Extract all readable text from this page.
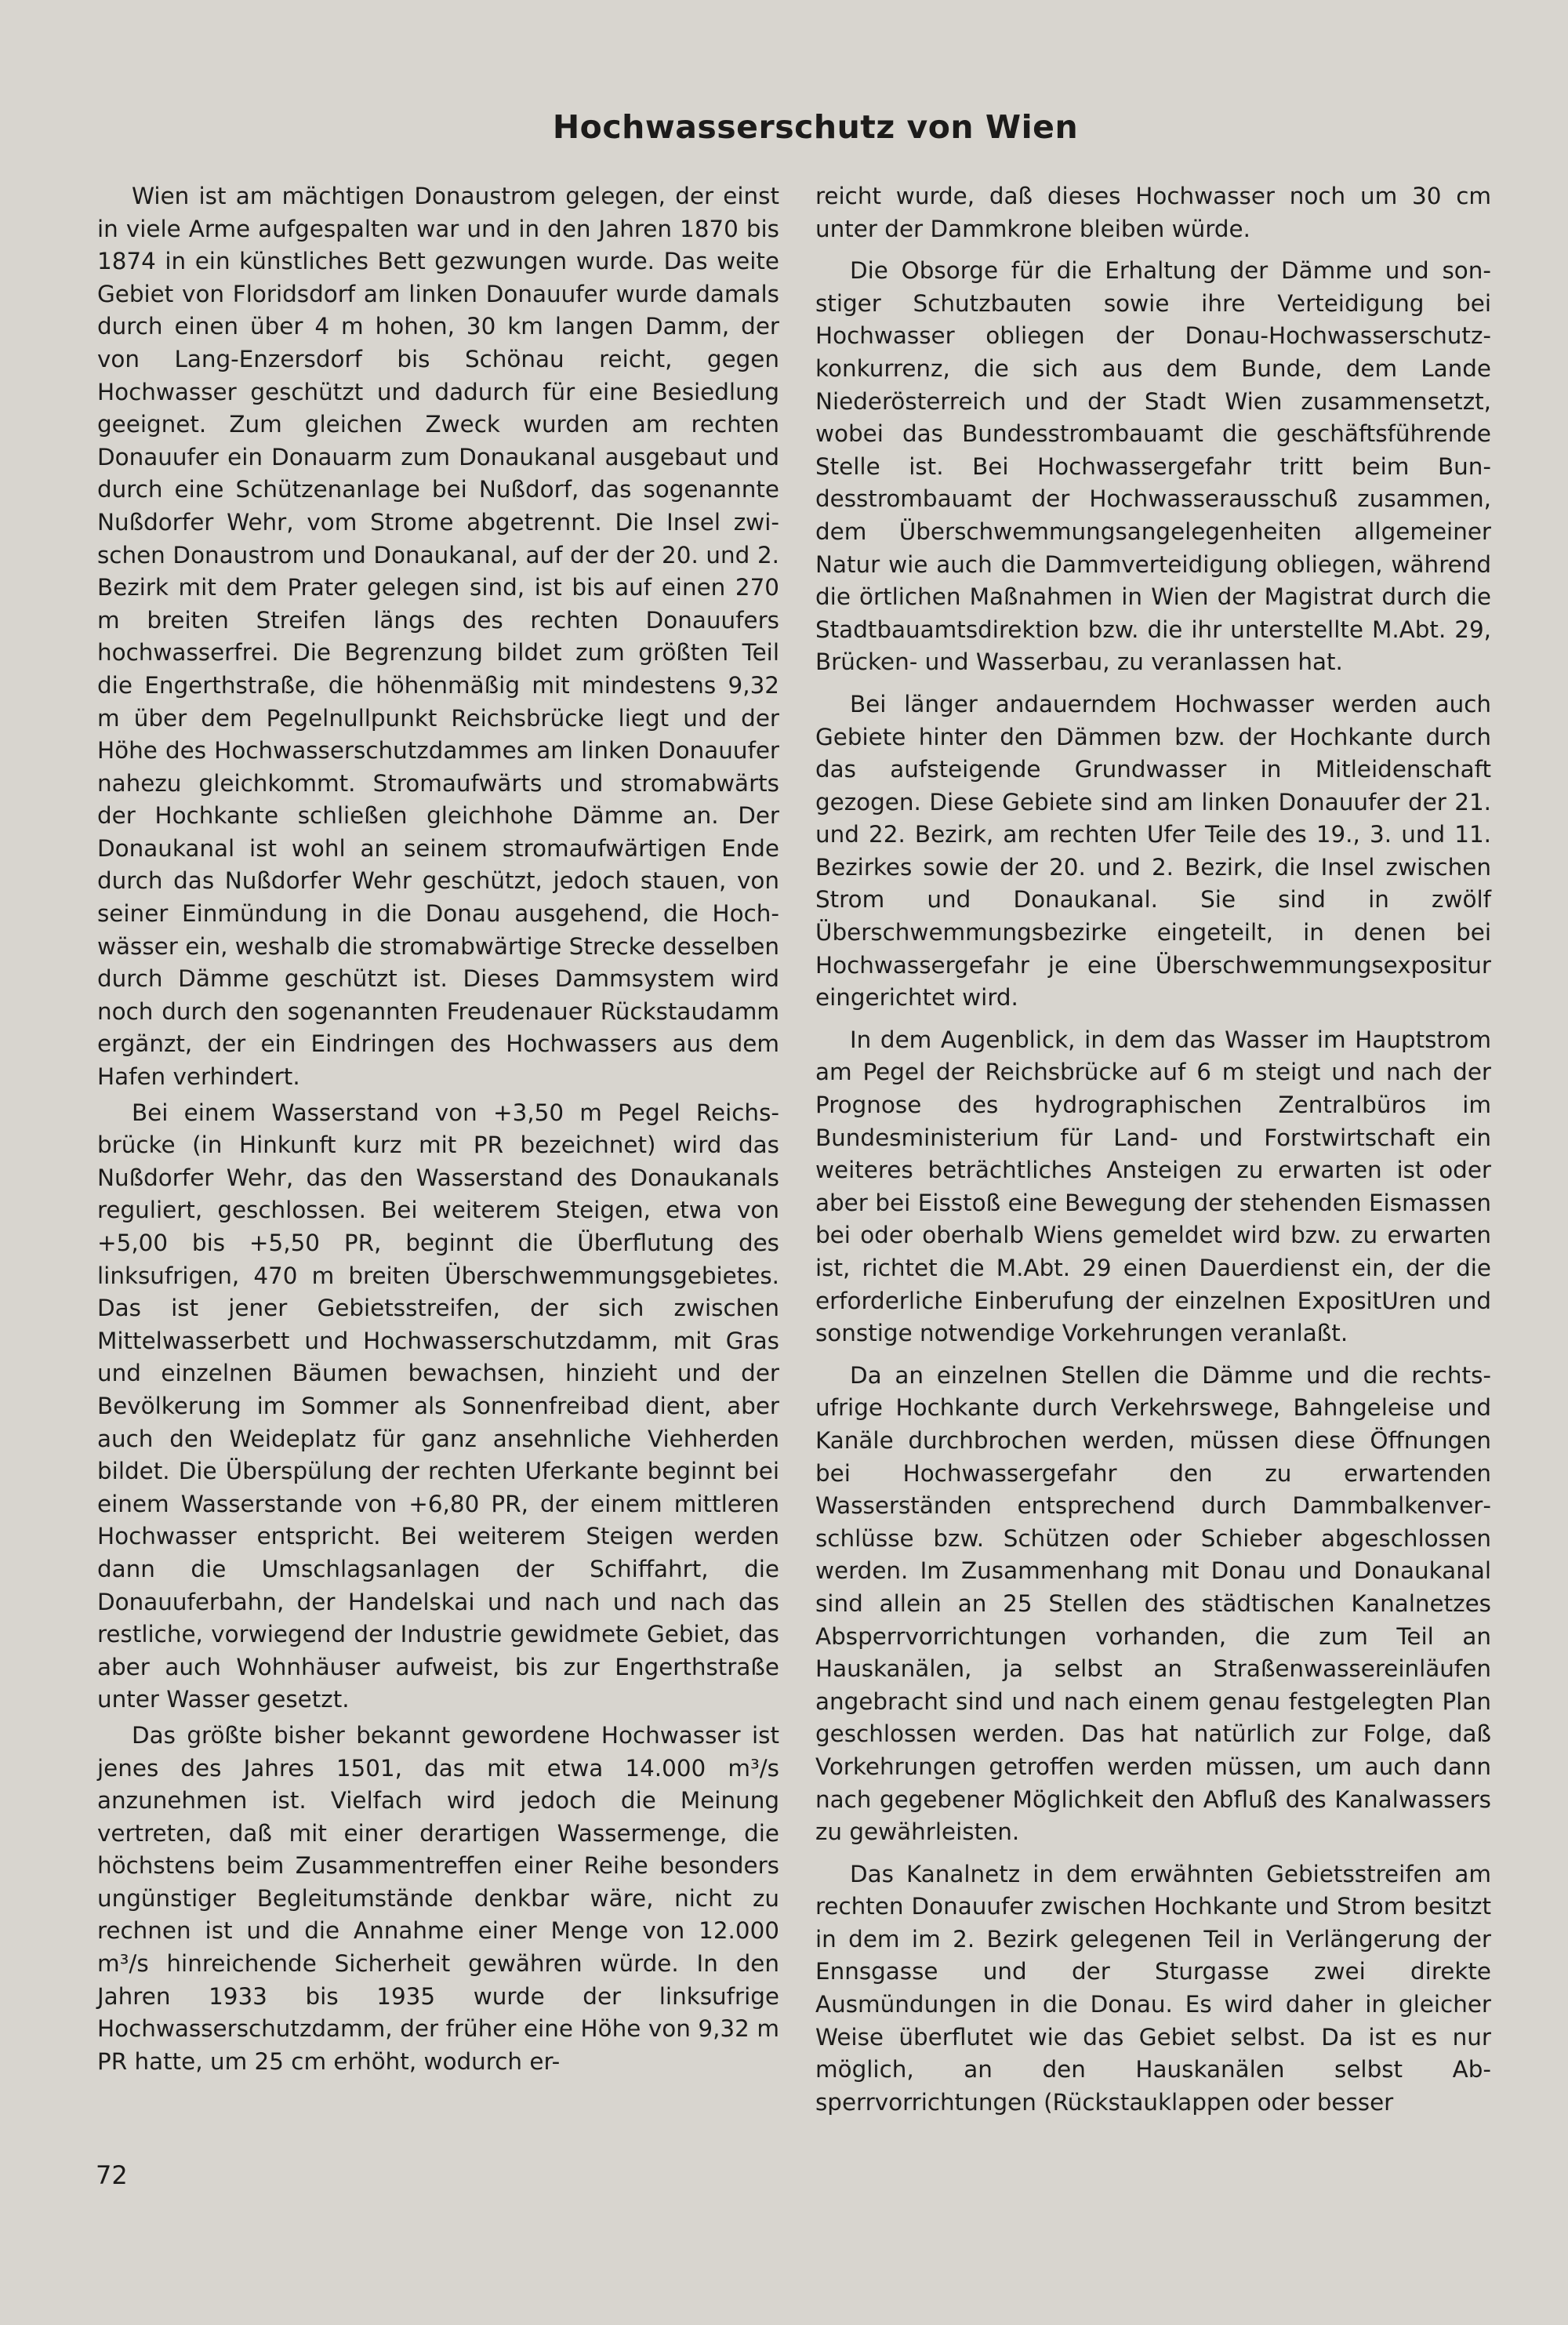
Hochwasserschutz von Wien

Wien ist am mächtigen Donaustrom gelegen, der einst in viele Arme aufgespalten war und in den Jahren 1870 bis 1874 in ein künstliches Bett gezwungen wurde. Das weite Gebiet von Floridsdorf am linken Donauufer wurde damals durch einen über 4 m hohen, 30 km langen Damm, der von Lang-Enzersdorf bis Schönau reicht, gegen Hochwasser geschützt und dadurch für eine Besiedlung geeignet. Zum gleichen Zweck wurden am rechten Donauufer ein Donauarm zum Donaukanal ausgebaut und durch eine Schützenanlage bei Nußdorf, das sogenannte Nußdorfer Wehr, vom Strome abgetrennt. Die Insel zwischen Donaustrom und Donaukanal, auf der der 20. und 2. Bezirk mit dem Prater gelegen sind, ist bis auf einen 270 m breiten Streifen längs des rechten Donauufers hochwasserfrei. Die Begrenzung bildet zum größten Teil die Engerthstraße, die höhenmäßig mit mindestens 9,32 m über dem Pegelnullpunkt Reichsbrücke liegt und der Höhe des Hochwasserschutzdammes am linken Donauufer nahezu gleichkommt. Stromaufwärts und stromabwärts der Hochkante schließen gleichhohe Dämme an. Der Donaukanal ist wohl an seinem stromaufwärtigen Ende durch das Nußdorfer Wehr geschützt, jedoch stauen, von seiner Einmündung in die Donau ausgehend, die Hochwässer ein, weshalb die stromabwärtige Strecke desselben durch Dämme geschützt ist. Dieses Dammsystem wird noch durch den sogenannten Freudenauer Rückstaudamm ergänzt, der ein Eindringen des Hochwassers aus dem Hafen verhindert.

Bei einem Wasserstand von +3,50 m Pegel Reichsbrücke (in Hinkunft kurz mit PR bezeichnet) wird das Nußdorfer Wehr, das den Wasserstand des Donaukanals reguliert, geschlossen. Bei weiterem Steigen, etwa von +5,00 bis +5,50 PR, beginnt die Überflutung des linksufrigen, 470 m breiten Überschwemmungsgebietes. Das ist jener Gebietsstreifen, der sich zwischen Mittelwasserbett und Hochwasserschutzdamm, mit Gras und einzelnen Bäumen bewachsen, hinzieht und der Bevölkerung im Sommer als Sonnenfreibad dient, aber auch den Weideplatz für ganz ansehnliche Viehherden bildet. Die Überspülung der rechten Uferkante beginnt bei einem Wasserstande von +6,80 PR, der einem mittleren Hochwasser entspricht. Bei weiterem Steigen werden dann die Umschlagsanlagen der Schiffahrt, die Donauuferbahn, der Handelskai und nach und nach das restliche, vorwiegend der Industrie gewidmete Gebiet, das aber auch Wohnhäuser aufweist, bis zur Engerthstraße unter Wasser gesetzt.

Das größte bisher bekannt gewordene Hochwasser ist jenes des Jahres 1501, das mit etwa 14.000 m³/s anzunehmen ist. Vielfach wird jedoch die Meinung vertreten, daß mit einer derartigen Wassermenge, die höchstens beim Zusammentreffen einer Reihe besonders ungünstiger Begleitumstände denkbar wäre, nicht zu rechnen ist und die Annahme einer Menge von 12.000 m³/s hinreichende Sicherheit gewähren würde. In den Jahren 1933 bis 1935 wurde der linksufrige Hochwasserschutzdamm, der früher eine Höhe von 9,32 m PR hatte, um 25 cm erhöht, wodurch er-

reicht wurde, daß dieses Hochwasser noch um 30 cm unter der Dammkrone bleiben würde.

Die Obsorge für die Erhaltung der Dämme und sonstiger Schutzbauten sowie ihre Verteidigung bei Hochwasser obliegen der Donau-Hochwasserschutzkonkurrenz, die sich aus dem Bunde, dem Lande Niederösterreich und der Stadt Wien zusammensetzt, wobei das Bundesstrombauamt die geschäftsführende Stelle ist. Bei Hochwassergefahr tritt beim Bundesstrombauamt der Hochwasserausschuß zusammen, dem Überschwemmungsangelegenheiten allgemeiner Natur wie auch die Dammverteidigung obliegen, während die örtlichen Maßnahmen in Wien der Magistrat durch die Stadtbauamtsdirektion bzw. die ihr unterstellte M.Abt. 29, Brücken- und Wasserbau, zu veranlassen hat.

Bei länger andauerndem Hochwasser werden auch Gebiete hinter den Dämmen bzw. der Hochkante durch das aufsteigende Grundwasser in Mitleidenschaft gezogen. Diese Gebiete sind am linken Donauufer der 21. und 22. Bezirk, am rechten Ufer Teile des 19., 3. und 11. Bezirkes sowie der 20. und 2. Bezirk, die Insel zwischen Strom und Donaukanal. Sie sind in zwölf Überschwemmungsbezirke eingeteilt, in denen bei Hochwassergefahr je eine Überschwemmungsexpositur eingerichtet wird.

In dem Augenblick, in dem das Wasser im Hauptstrom am Pegel der Reichsbrücke auf 6 m steigt und nach der Prognose des hydrographischen Zentralbüros im Bundesministerium für Land- und Forstwirtschaft ein weiteres beträchtliches Ansteigen zu erwarten ist oder aber bei Eisstoß eine Bewegung der stehenden Eismassen bei oder oberhalb Wiens gemeldet wird bzw. zu erwarten ist, richtet die M.Abt. 29 einen Dauerdienst ein, der die erforderliche Einberufung der einzelnen ExpositUren und sonstige notwendige Vorkehrungen veranlaßt.

Da an einzelnen Stellen die Dämme und die rechtsufrige Hochkante durch Verkehrswege, Bahngeleise und Kanäle durchbrochen werden, müssen diese Öffnungen bei Hochwassergefahr den zu erwartenden Wasserständen entsprechend durch Dammbalkenverschlüsse bzw. Schützen oder Schieber abgeschlossen werden. Im Zusammenhang mit Donau und Donaukanal sind allein an 25 Stellen des städtischen Kanalnetzes Absperrvorrichtungen vorhanden, die zum Teil an Hauskanälen, ja selbst an Straßenwassereinläufen angebracht sind und nach einem genau festgelegten Plan geschlossen werden. Das hat natürlich zur Folge, daß Vorkehrungen getroffen werden müssen, um auch dann nach gegebener Möglichkeit den Abfluß des Kanalwassers zu gewährleisten.

Das Kanalnetz in dem erwähnten Gebietsstreifen am rechten Donauufer zwischen Hochkante und Strom besitzt in dem im 2. Bezirk gelegenen Teil in Verlängerung der Ennsgasse und der Sturgasse zwei direkte Ausmündungen in die Donau. Es wird daher in gleicher Weise überflutet wie das Gebiet selbst. Da ist es nur möglich, an den Hauskanälen selbst Absperrvorrichtungen (Rückstauklappen oder besser

72
